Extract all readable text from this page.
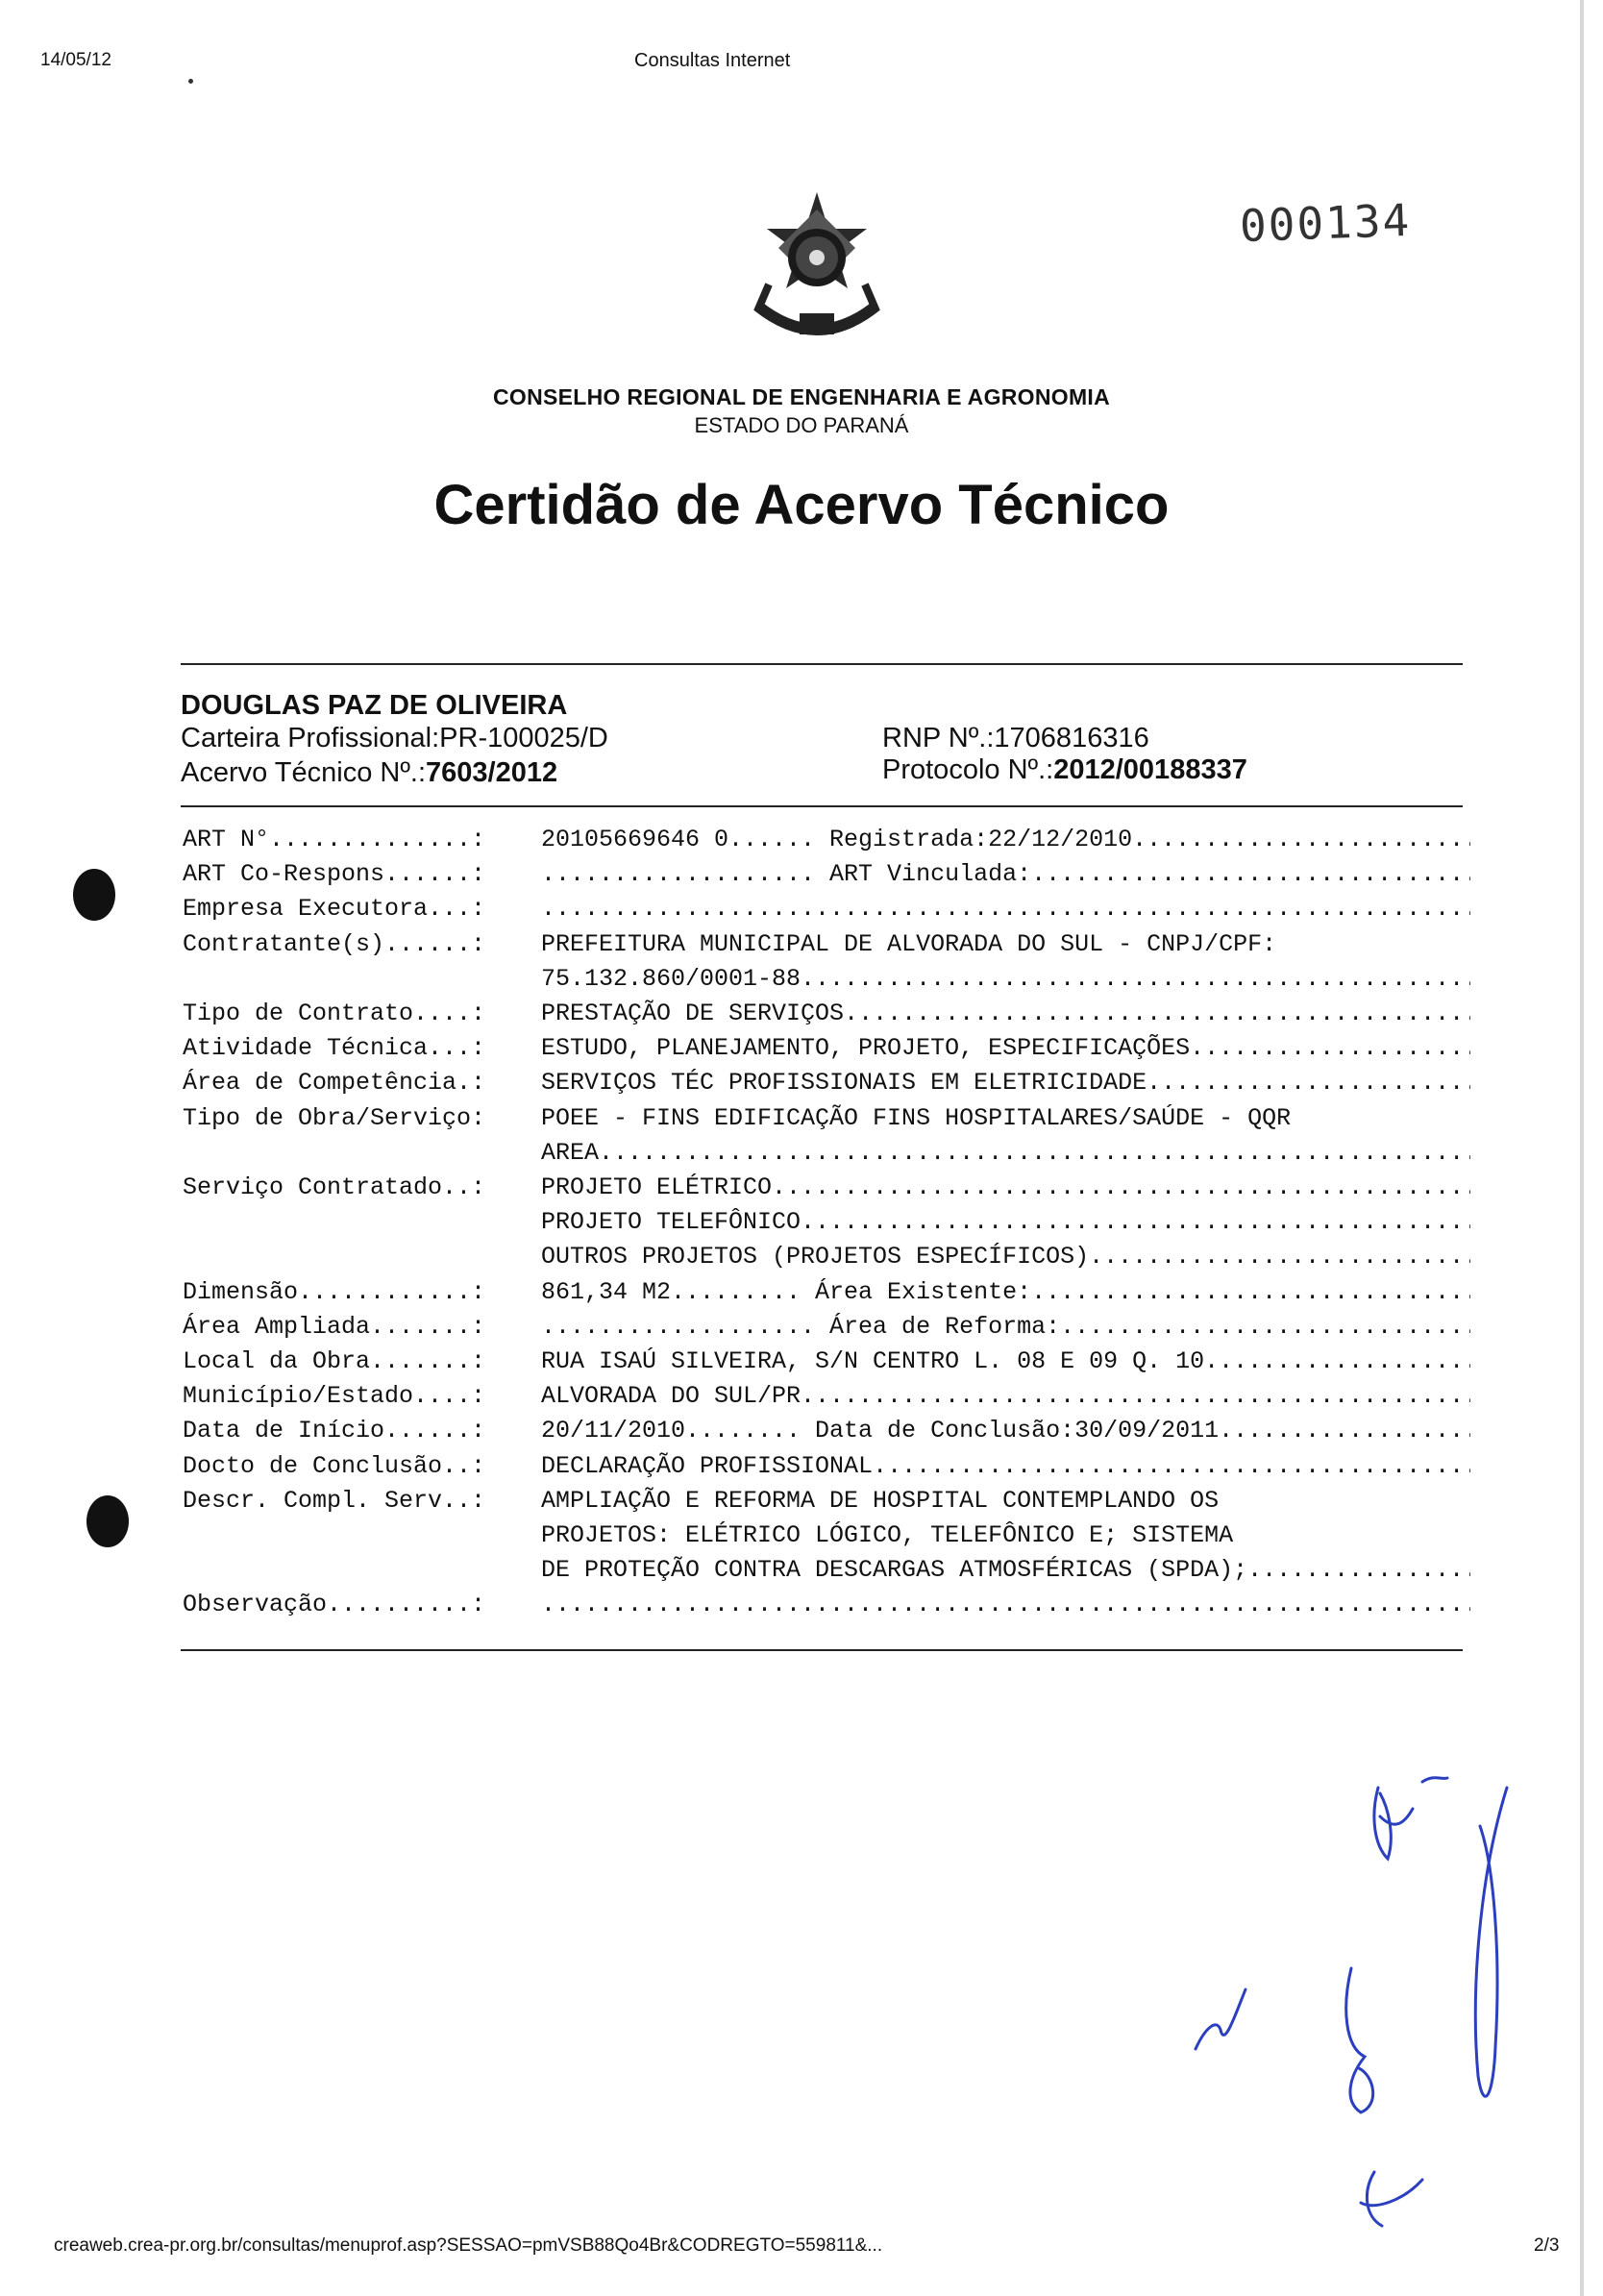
14/05/12	Consultas Internet
000134
CONSELHO REGIONAL DE ENGENHARIA E AGRONOMIA
ESTADO DO PARANÁ
Certidão de Acervo Técnico
DOUGLAS PAZ DE OLIVEIRA
Carteira Profissional:PR-100025/D
Acervo Técnico Nº.:7603/2012
RNP Nº.:1706816316
Protocolo Nº.:2012/00188337
ART N°..............:	20105669646 0...... Registrada:22/12/2010 .....
ART Co-Respons......:	................... ART Vinculada: .....
Empresa Executora...:
.....
Contratante(s)......:	PREFEITURA MUNICIPAL DE ALVORADA DO SUL - CNPJ/CPF:
75.132.860/0001-88 .....
Tipo de Contrato....:	PRESTAÇÃO DE SERVIÇOS .....
Atividade Técnica...:	ESTUDO, PLANEJAMENTO, PROJETO, ESPECIFICAÇÕES .....
Área de Competência.:	SERVIÇOS TÉC PROFISSIONAIS EM ELETRICIDADE .....
Tipo de Obra/Serviço:	POEE - FINS EDIFICAÇÃO FINS HOSPITALARES/SAÚDE - QQR
AREA .....
Serviço Contratado..:	PROJETO ELÉTRICO .....
PROJETO TELEFÔNICO .....
OUTROS PROJETOS (PROJETOS ESPECÍFICOS) .....
Dimensão............:	861,34 M2......... Área Existente: .....
Área Ampliada.......:	................... Área de Reforma: .....
Local da Obra.......:	RUA ISAÚ SILVEIRA, S/N CENTRO L. 08 E 09 Q. 10 .....
Município/Estado....:	ALVORADA DO SUL/PR .....
Data de Início......:	20/11/2010........ Data de Conclusão:30/09/2011 .....
Docto de Conclusão..:	DECLARAÇÃO PROFISSIONAL .....
Descr. Compl. Serv..:	AMPLIAÇÃO E REFORMA DE HOSPITAL CONTEMPLANDO OS
PROJETOS: ELÉTRICO LÓGICO, TELEFÔNICO E; SISTEMA
DE PROTEÇÃO CONTRA DESCARGAS ATMOSFÉRICAS (SPDA); .....
Observação..........:
.....
creaweb.crea-pr.org.br/consultas/menuprof.asp?SESSAO=pmVSB88Qo4Br&CODREGTO=559811&...	2/3
